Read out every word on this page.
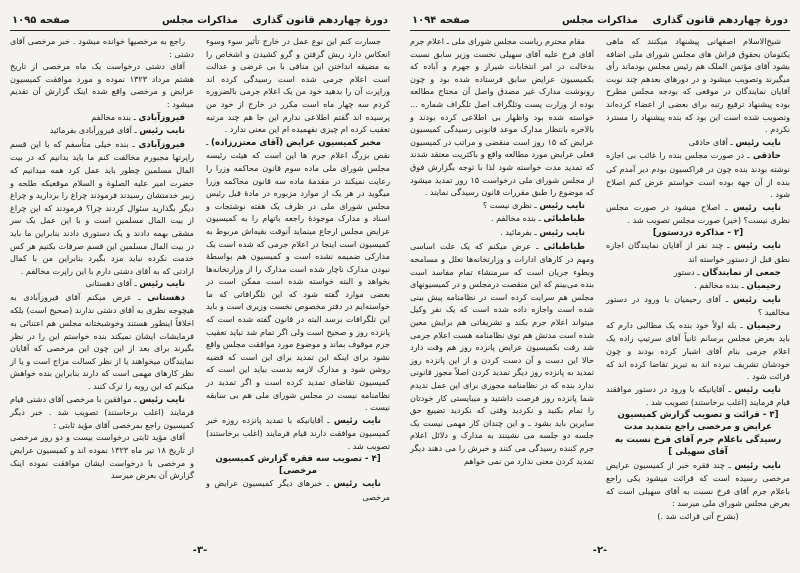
دورهٔ چهاردهم قانون گذاری
مذاکرات مجلس
صفحه ۱۰۹۴

شیخ‌الاسلام اصفهانی پیشنهاد میکنند که ماهی یکتومان بحقوق فراش های مجلس شورای ملی اضافه بشود آقای مؤتمن الملک هم رئیس مجلس بودماند رأی میگیرند وتصویب میشود و در دورهای بعدهم چند نوبت آقایان نمایندگان در موقعی که بودجه مجلس مطرح بوده پیشنهاد ترفیع رتبه برای بعضی از اعضاء کرده‌اند وتصویب شده است این بود که بنده پیشنهاد را مسترد نکردم .

نایب رئیس ـ آقای حاذقی

حاذقی ـ در صورت مجلس بنده را غائب بی اجازه نوشته بودند بنده چون در فراکسیون بودم دیر آمدم کی بنده از آن جهة بوده است خواستم عرض کنم اصلاح شود .

نایب رئیس ـ اصلاح میشود در صورت مجلس نظری نیست؟ (خیر) صورت مجلس تصویب شد .

[۲ - مذاکره دردستور]

نایب رئیس ـ چند نفر از آقایان نمایندگان اجازه نطق قبل از دستور خواسته اند

جمعی از نمایندگان ـ دستور

رحیمیان ـ بنده مخالفم .

نایب رئیس ـ آقای رحیمیان با ورود در دستور مخالفید ؟

رحیمیان ـ بله اولاً خود بنده یک مطالبی دارم که باید بعرض مجلس برسانم ثانیاً آقای سرتیپ زاده یک اعلام جرمی بنام آقای اشبار کرده بودند و چون خودشان تشریف نبرده اند به تبریز تقاضا کرده اند که قرائت شود .

نایب رئیس ـ آقایانیکه با ورود در دستور موافقند قیام فرمایند (اغلب برخاستند) تصویب شد .

[۳ - قرائت و تصویب گزارش کمیسیون عرایض و مرخصی راجع بتمدید مدت رسیدگی باعلام جرم آقای فرخ نسبت به آقای سهیلی ]

نایب رئیس ـ چند فقره خبر از کمیسیون عرایض مرخصی رسیده است که قرائت میشود یکی راجع باعلام جرم آقای فرخ نسبت به آقای سهیلی است که بعرض مجلس شورای ملی میرسد :

(بشرح آتی قرائت شد .)

مقام محترم ریاست مجلس شورای ملی ـ اعلام جرم آقای فرخ علیه آقای سهیلی نخست وزیر سابق نسبت بدخالت در امر انتخابات شیراز و جهرم و آباده که بکمیسیون عرایض سابق فرستاده شده بود و چون رونوشت مدارک غیر مصدق واصل آن محتاج مطالعه بوده از وزارت پست وتلگراف اصل تلگراف شماره ... خواسته شده بود واظهار بی اطلاعی کرده بودند و بالاخره بانتظار مدارک موعد قانونی رسیدگی کمیسیون عرایض که ۱۵ روز است منقضی و مراتب در کمیسیون فعلی عرایض مورد مطالعه واقع و باکثریت معتقد شدند که تمدید مدت خواسته شود لذا با توجه بگزارش فوق از مجلس شورای ملی درخواست ۱۵ روز تمدید میشود که موضوع را طبق مقررات قانون رسیدگی نمایند .

نایب رئیس ـ نظری نیست ؟

طباطبائی ـ بنده مخالفم .

نایب رئیس ـ بفرمائید .

طباطبائی ـ عرض میکنم که یک علت اساسی ومهم در کارهای ادارات و وزارتخانه‌ها تعلل و مسامحه وبطوء جریان است که سرمنشاء تمام مفاسد است بنده می‌بینم که این منقصت درمجلس و در کمیسیونهای مجلس هم سرایت کرده است در نظامنامه پیش بینی شده است واجازه داده شده است که یک نفر وکیل میتواند اعلام جرم بکند و تشریفاتی هم برایش معین شده است مدتش هم توی نظامنامه هست اعلام جرمی شد رفت بکمیسیون عرایض پانزده روز هم وقت دارد حالا این دست و آن دست کردن و از این پانزده روز تمدید به پانزده روز دیگر تمدید کردن اصلاً مجوز قانونی ندارد بنده که در نظامنامه مجوزی برای این عمل ندیدم شما پانزده روز فرصت داشتید و میبایستی کار خودتان را تمام بکنید و نکردید وقتی که نکردید تضییع حق سایرین باید بشود ـ و این چندان کار مهمی نیست یک جلسه دو جلسه می نشینند به مدارک و دلائل اعلام جرم کننده رسیدگی می کنند و خبرش را می دهند دیگر تمدید کردن معنی ندارد من نمی خواهم

-۲-
دورهٔ چهاردهم قانون گذاری
مذاکرات مجلس
صفحه ۱۰۹۵

جسارت کنم این نوع عمل در خارج تأثیر سوء وسوء انعکاس دارد ریش گرفتن و گرو کشیدن و اشخاص را به مضیقه انداختن این منافی با بی غرضی و عدالت است اعلام جرمی شده است رسیدگی کرده اند وراپرت آن را بدهید خود من یک اعلام جرمی بالضروره کردم سه چهار ماه است مکرر در خارج از خود من پرسیده اند گفتم اطلاعی ندارم این جا هم چند مرتبه تعقیب کرده ام چیزی نفهمیده ام این معنی ندارد .

مخبر کمیسیون عرایض (آقای معتزرزاده) ـ نقص بزرگ اعلام جرم ها این است که هیئت رئیسه مجلس شورای ملی ماده سوم قانون محاکمه وزرا را رعایت نمیکند در مقدمهٔ ماده سه قانون محاکمه وزرا میگوید در هر یک از موارد مزبوره در مادهٔ قبل رئیس مجلس شورای ملی در ظرف یک هفته نوشتجات و اسناد و مدارک موجودهٔ راجعه باتهام را به کمیسیون عرایض مجلس ارجاع مینماید آنوقت بقیه‌اش مربوط به کمیسیون است اینجا در اعلام جرمی که شده است یک مدارکی ضمیمه نشده است و کمیسیون هم بواسطهٔ نبودن مدارک ناچار شده است مدارک را از وزارتخانه‌ها بخواهد و البته خواسته شده است ممکن است در بعضی موارد گفته شود که این تلگرافاتی که ما خواسته‌ایم در دفتر مخصوص نخست وزیری است و باید این تلگرافات برسد البته در قانون گفته شده است که پانزده روز و صحیح است ولی اگر تمام شد نباید تعقیب جرم موقوف بماند و موضوع مورد موافقت مجلس واقع نشود برای اینکه این تمدید برای این است که قضیه روشن شود و مدارک لازمه بدست بیاید این است که کمیسیون تقاضای تمدید کرده است و اگر تمدید در نظامنامه نیست در مجلس شورای ملی هم بی سابقه نیست .

نایب رئیس ـ آقایانیکه با تمدید پانزده روزه خبر کمیسیون موافقت دارند قیام فرمایند (اغلب برخاستند) تصویب شد .

[۴ - تصویب سه فقره گزارش کمیسیون مرخصی]

نایب رئیس ـ خبرهای دیگر کمیسیون عرایض و مرخصی

راجع به مرخصیها خوانده میشود . خبر مرخصی آقای دشتی :

آقای دشتی درخواست یک ماه مرخصی از تاریخ هشتم مرداد ۱۳۲۳ نموده و مورد موافقت کمیسیون عرایض و مرخصی واقع شده اینک گزارش آن تقدیم میشود :

فیروزآبادی ـ بنده مخالفم

نایب رئیس ـ آقای فیروزآبادی بفرمائید

فیروزآبادی ـ بنده خیلی متأسفم که با این قسم راپرتها مجبورم مخالفت کنم ما باید بدانیم که در بیت المال مسلمین چطور باید عمل کرد همه میدانیم که حضرت امیر علیه الصلوة و السلام موقعیکه طلحه و زبیر خدمتشان رسیدند فرمودند چراغ را بردارید و چراغ دیگر بگذارید سئوال کردند چرا؟ فرمودند که این چراغ از بیت المال مسلمین است و با این عمل یک سر مشقی بهمه دادند و یک دستوری دادند بنابراین ما باید در بیت المال مسلمین این قسم صرفات بکنیم هر کس خدمت نکرده نباید مزد بگیرد بنابراین من با کمال ارادتی که به آقای دشتی دارم با این راپرت مخالفم .

نایب رئیس ـ آقای دهستانی

دهستانی ـ عرض میکنم آقای فیروزآبادی به هیچوجه نظری به آقای دشتی ندارند (صحیح است) بلکه اخلاقاً اینطور هستند وخوشبختانه مجلس هم اعتنائی به فرمایشات ایشان نمیکند بنده خواستم این را در نظر بگیرند برای بعد از این چون این مرخصی که آقایان نمایندگان میخواهند یا از نظر کسالت مزاج است و یا از نظر کارهای مهمی است که دارند بنابراین بنده خواهش میکنم که این رویه را ترک کنند .

نایب رئیس ـ موافقین با مرخصی آقای دشتی قیام فرمایند (اغلب برخاستند) تصویب شد . خبر دیگر کمیسیون راجع بمرخصی آقای مؤید ثابتی :

آقای مؤید ثابتی درخواست بیست و دو روز مرخصی از تاریخ ۱۸ تیر ماه ۱۳۲۳ نموده اند و کمیسیون عرایض و مرخصی با درخواست ایشان موافقت نموده اینک گزارش آن بعرض میرسد

-۳-
